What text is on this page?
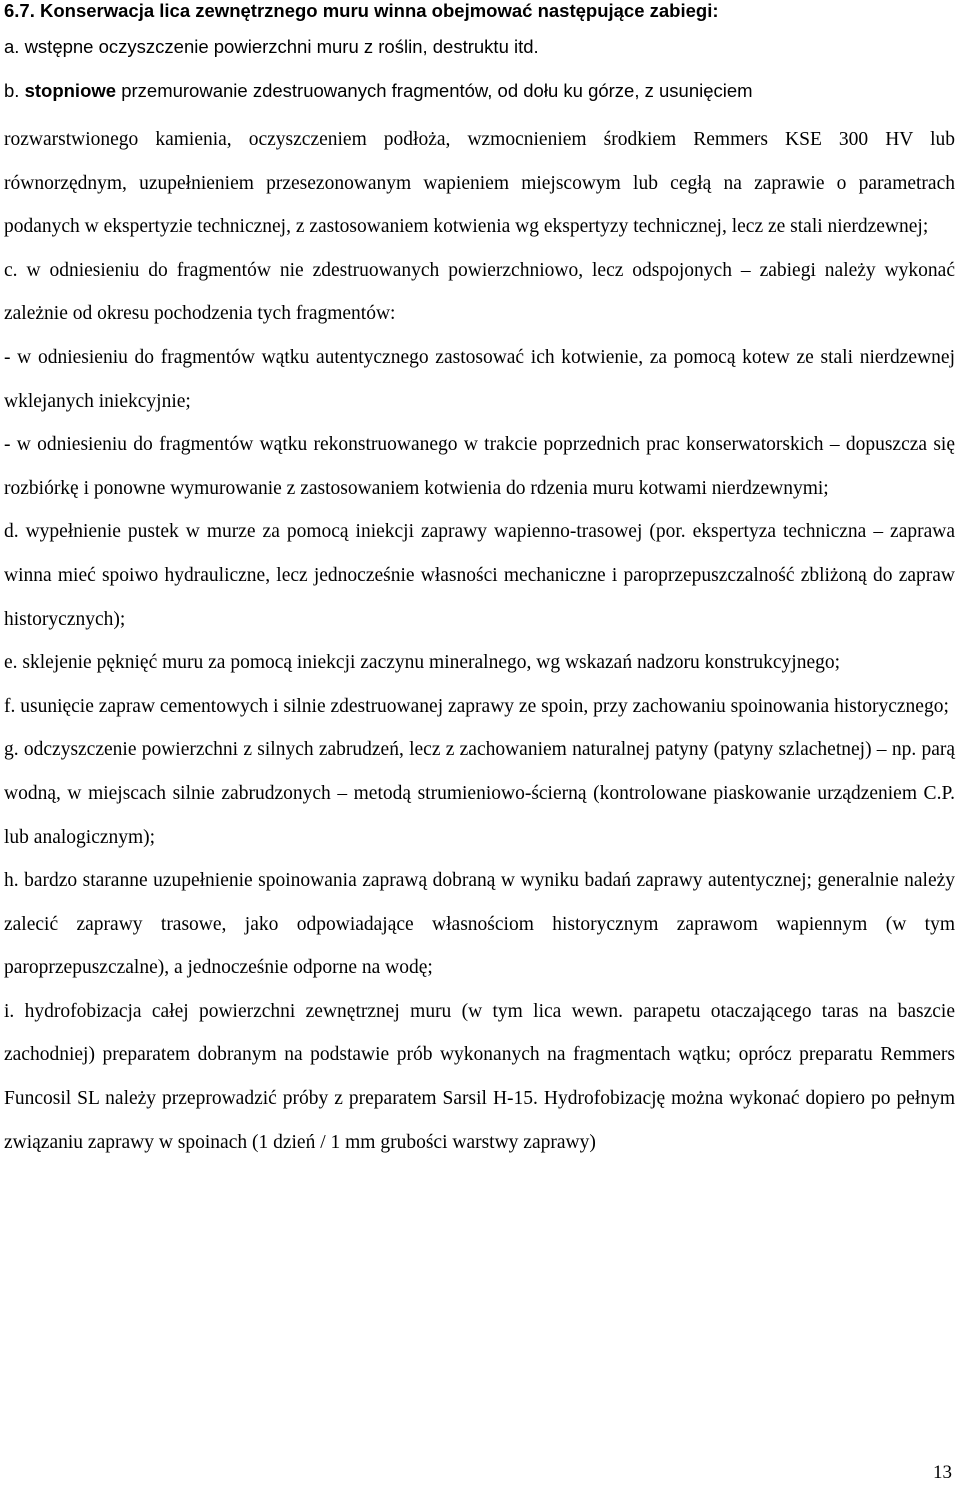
6.7. Konserwacja lica zewnętrznego muru winna obejmować następujące zabiegi:
a. wstępne oczyszczenie powierzchni muru z roślin, destruktu itd.
b. stopniowe przemurowanie zdestruowanych fragmentów, od dołu ku górze, z usunięciem

rozwarstwionego kamienia, oczyszczeniem podłoża, wzmocnieniem środkiem Remmers KSE 300 HV lub równorzędnym, uzupełnieniem przesezonowanym wapieniem miejscowym lub cegłą na zaprawie o parametrach podanych w ekspertyzie technicznej, z zastosowaniem kotwienia wg ekspertyzy technicznej, lecz ze stali nierdzewnej;

c. w odniesieniu do fragmentów nie zdestruowanych powierzchniowo, lecz odspojonych – zabiegi należy wykonać zależnie od okresu pochodzenia tych fragmentów:

- w odniesieniu do fragmentów wątku autentycznego zastosować ich kotwienie, za pomocą kotew ze stali nierdzewnej wklejanych iniekcyjnie;

- w odniesieniu do fragmentów wątku rekonstruowanego w trakcie poprzednich prac konserwatorskich – dopuszcza się rozbiórkę i ponowne wymurowanie z zastosowaniem kotwienia do rdzenia muru kotwami nierdzewnymi;

d. wypełnienie pustek w murze za pomocą iniekcji zaprawy wapienno-trasowej (por. ekspertyza techniczna – zaprawa winna mieć spoiwo hydrauliczne, lecz jednocześnie własności mechaniczne i paroprzepuszczalność zbliżoną do zapraw historycznych);

e. sklejenie pęknięć muru za pomocą iniekcji zaczynu mineralnego, wg wskazań nadzoru konstrukcyjnego;

f. usunięcie zapraw cementowych i silnie zdestruowanej zaprawy ze spoin, przy zachowaniu spoinowania historycznego;

g. odczyszczenie powierzchni z silnych zabrudzeń, lecz z zachowaniem naturalnej patyny (patyny szlachetnej) – np. parą wodną, w miejscach silnie zabrudzonych – metodą strumieniowo-ścierną (kontrolowane piaskowanie urządzeniem C.P. lub analogicznym);

h. bardzo staranne uzupełnienie spoinowania zaprawą dobraną w wyniku badań zaprawy autentycznej; generalnie należy zalecić zaprawy trasowe, jako odpowiadające własnościom historycznym zaprawom wapiennym (w tym paroprzepuszczalne), a jednocześnie odporne na wodę;

i. hydrofobizacja całej powierzchni zewnętrznej muru (w tym lica wewn. parapetu otaczającego taras na baszcie zachodniej) preparatem dobranym na podstawie prób wykonanych na fragmentach wątku; oprócz preparatu Remmers Funcosil SL należy przeprowadzić próby z preparatem Sarsil H-15. Hydrofobizację można wykonać dopiero po pełnym związaniu zaprawy w spoinach (1 dzień / 1 mm grubości warstwy zaprawy)

13
